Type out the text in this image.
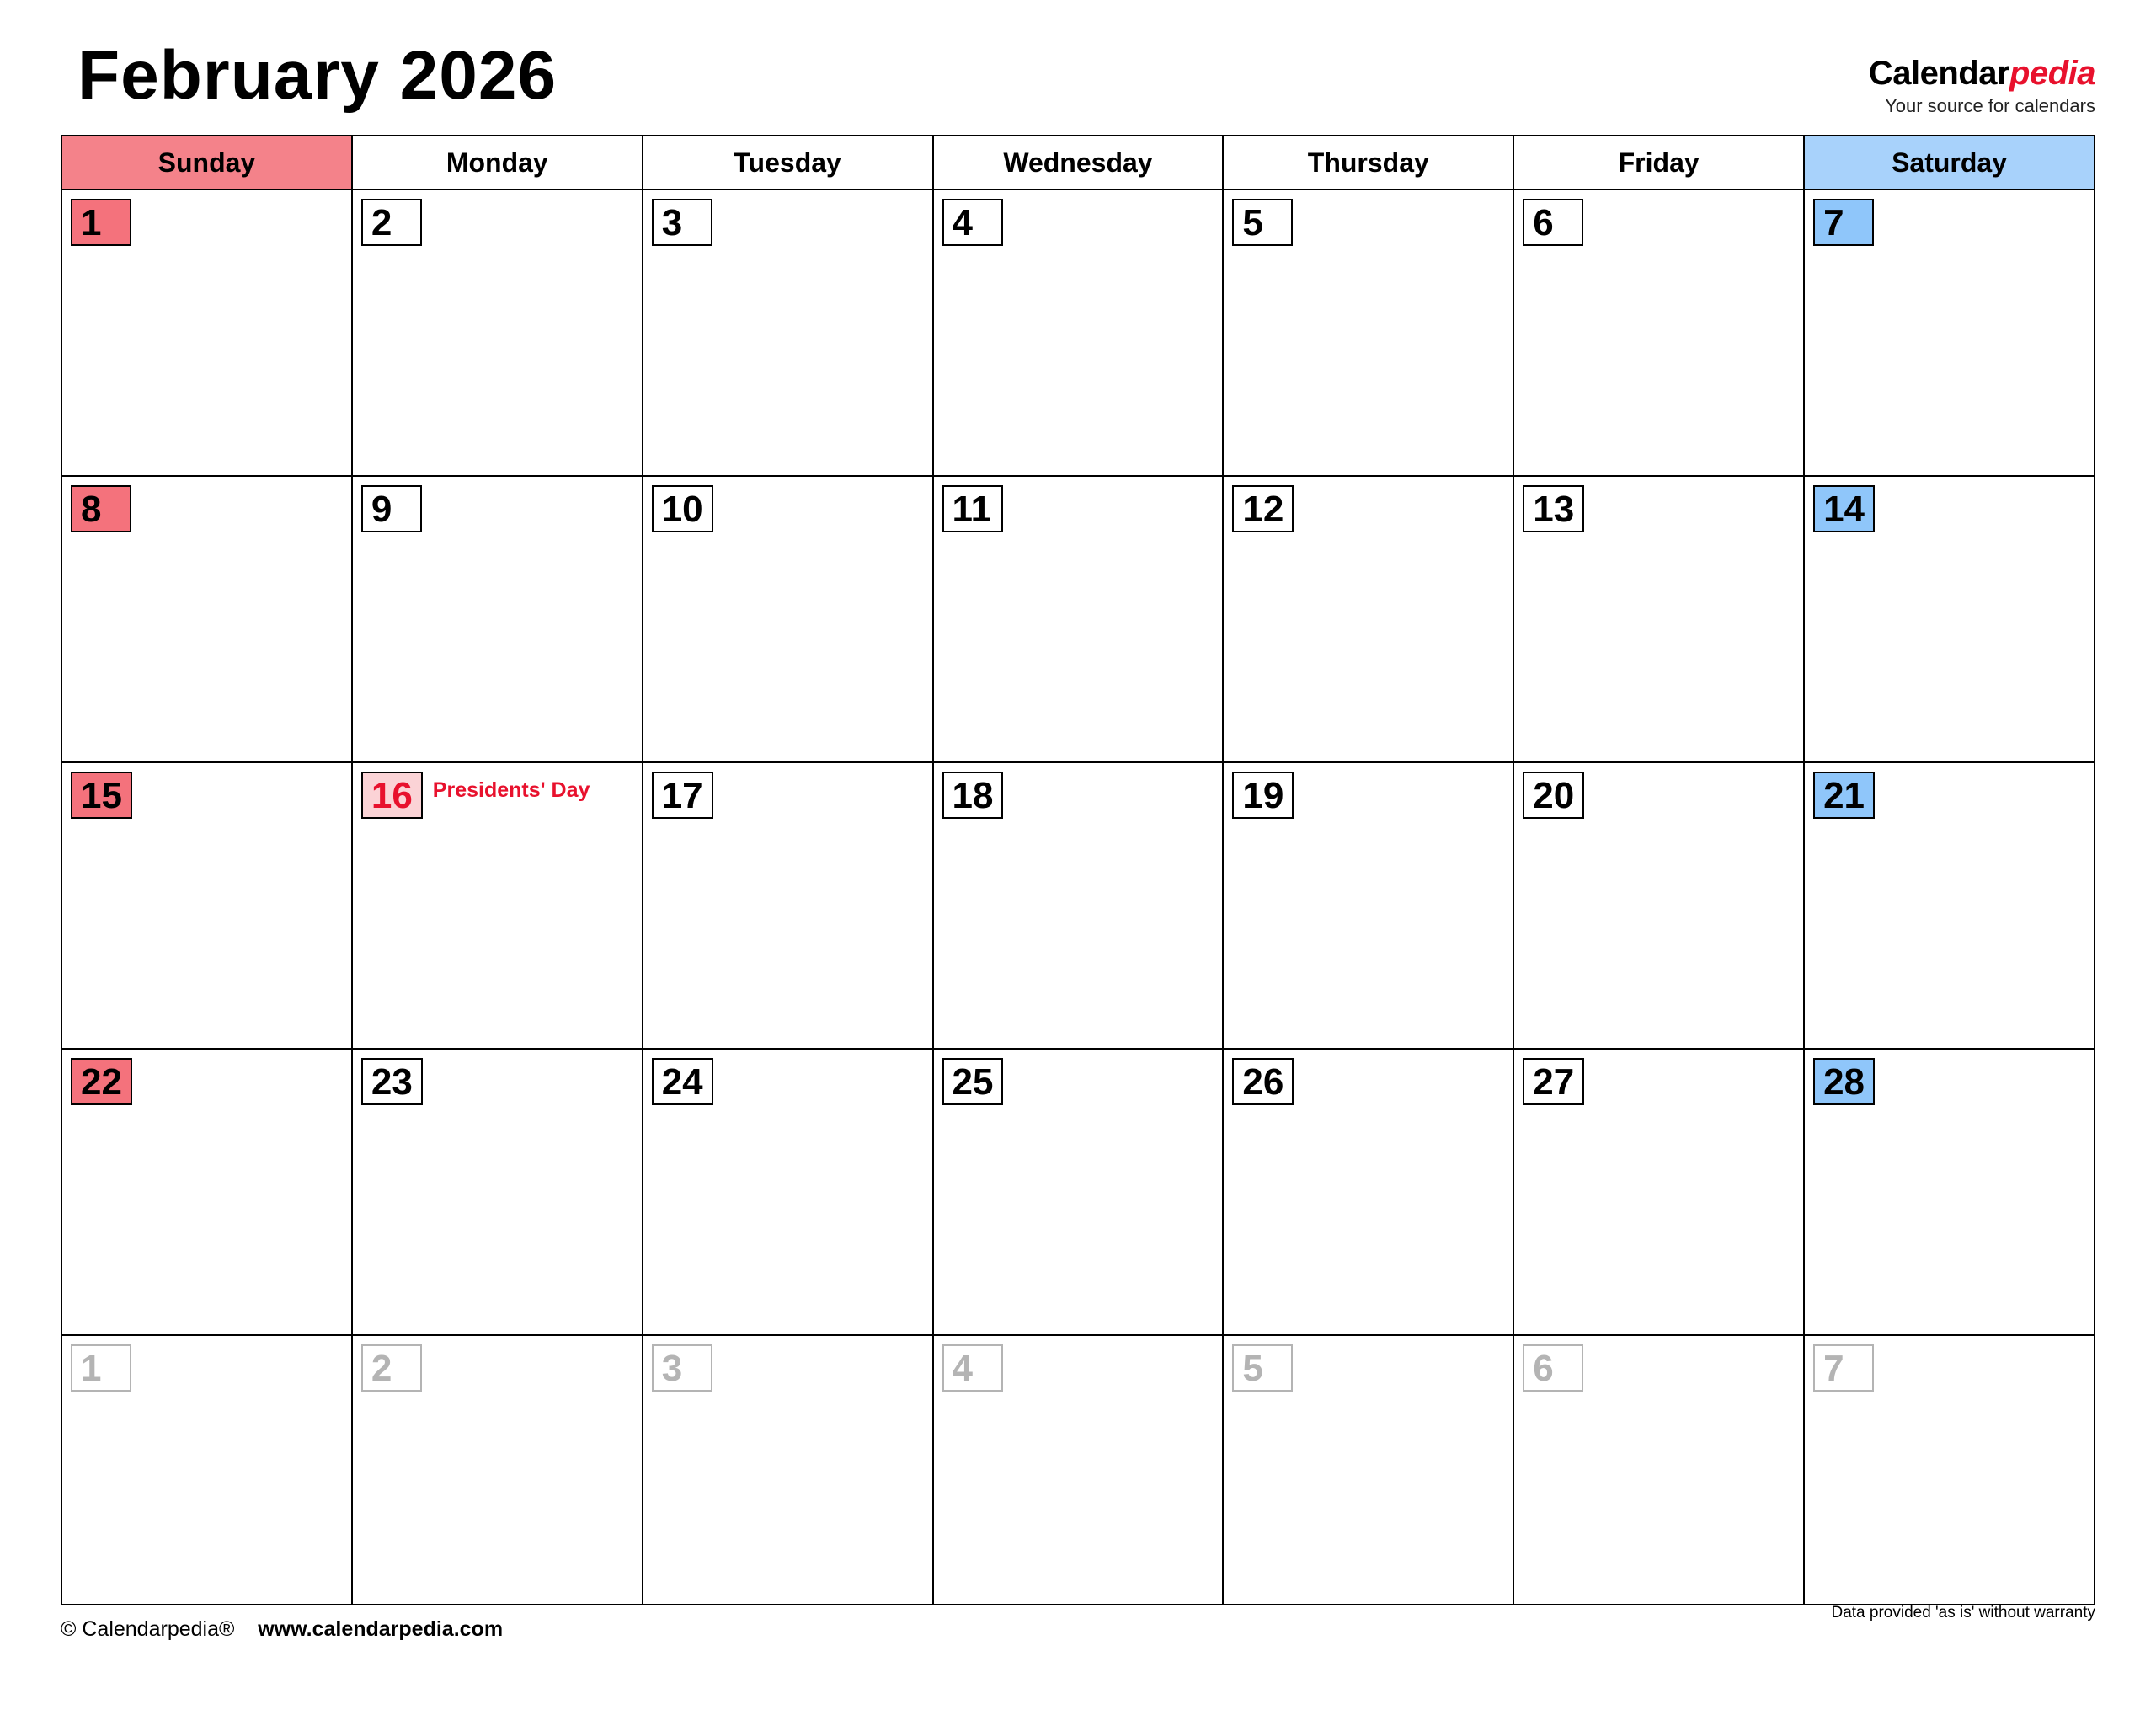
February 2026	Calendarpedia
Your source for calendars
Sunday	Monday	Tuesday	Wednesday	Thursday	Friday	Saturday

1	2	3	4	5	6	7

8	9	10	11	12	13	14

15	16 Presidents' Day	17	18	19	20	21

22	23	24	25	26	27	28

1	2	3	4	5	6	7
© Calendarpedia® www.calendarpedia.com
Data provided 'as is' without warranty
